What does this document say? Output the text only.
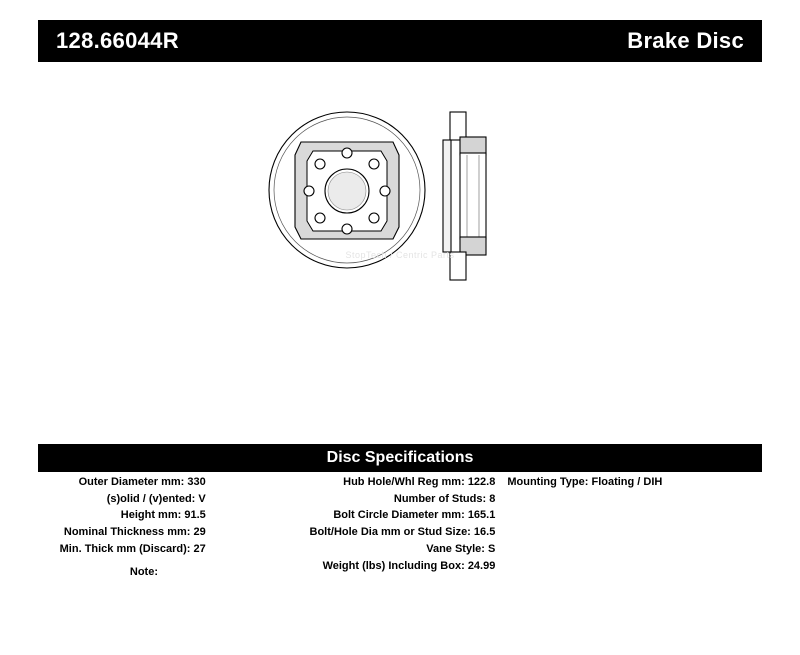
128.66044R	Brake Disc
StopTech / Centric Parts
Disc Specifications
Outer Diameter mm: 330
(s)olid / (v)ented: V
Height mm: 91.5
Nominal Thickness mm: 29
Min. Thick mm (Discard): 27
Hub Hole/Whl Reg mm: 122.8
Number of Studs: 8
Bolt Circle Diameter mm: 165.1
Bolt/Hole Dia mm or Stud Size: 16.5
Vane Style: S
Weight (lbs) Including Box: 24.99
Mounting Type: Floating / DIH
Note:
